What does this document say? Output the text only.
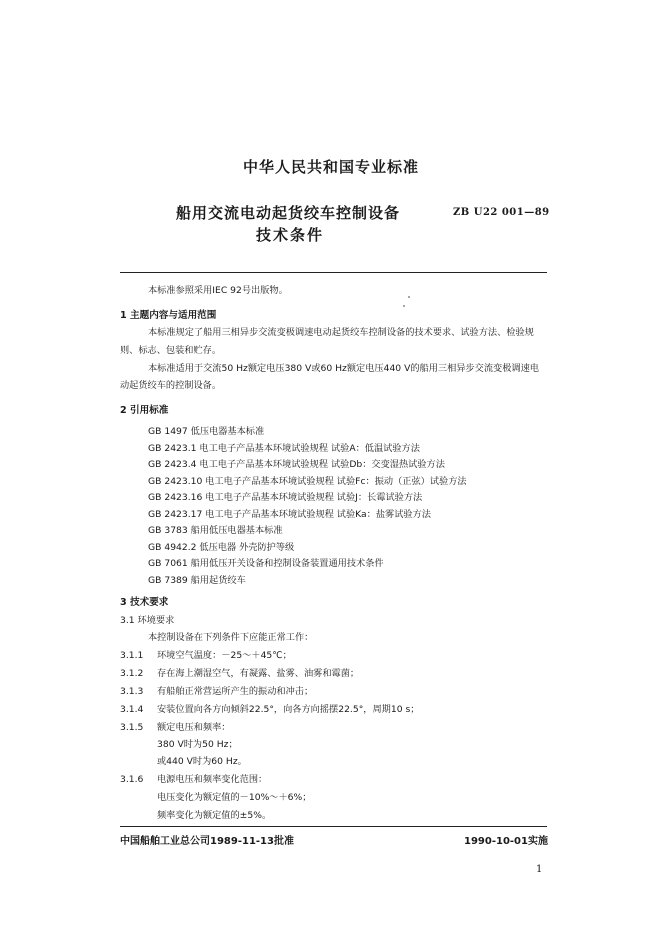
中华人民共和国专业标准
船用交流电动起货绞车控制设备
技术条件
ZB U22 001—89
本标准参照采用IEC 92号出版物。
1 主题内容与适用范围
本标准规定了船用三相异步交流变极调速电动起货绞车控制设备的技术要求、试验方法、检验规
则、标志、包装和贮存。
本标准适用于交流50 Hz额定电压380 V或60 Hz额定电压440 V的船用三相异步交流变极调速电
动起货绞车的控制设备。
2 引用标准
GB 1497 低压电器基本标准
GB 2423.1 电工电子产品基本环境试验规程 试验A：低温试验方法
GB 2423.4 电工电子产品基本环境试验规程 试验Db：交变湿热试验方法
GB 2423.10 电工电子产品基本环境试验规程 试验Fc：振动（正弦）试验方法
GB 2423.16 电工电子产品基本环境试验规程 试验J：长霉试验方法
GB 2423.17 电工电子产品基本环境试验规程 试验Ka：盐雾试验方法
GB 3783 船用低压电器基本标准
GB 4942.2 低压电器 外壳防护等级
GB 7061 船用低压开关设备和控制设备装置通用技术条件
GB 7389 船用起货绞车
3 技术要求
3.1 环境要求
本控制设备在下列条件下应能正常工作：
3.1.1 环境空气温度：－25～＋45℃；
3.1.2 存在海上潮湿空气，有凝露、盐雾、油雾和霉菌；
3.1.3 有船舶正常营运所产生的振动和冲击；
3.1.4 安装位置向各方向倾斜22.5°，向各方向摇摆22.5°，周期10 s；
3.1.5 额定电压和频率：
380 V时为50 Hz；
或440 V时为60 Hz。
3.1.6 电源电压和频率变化范围：
电压变化为额定值的－10%～＋6%；
频率变化为额定值的±5%。
中国船舶工业总公司1989-11-13批准	1990-10-01实施
1
